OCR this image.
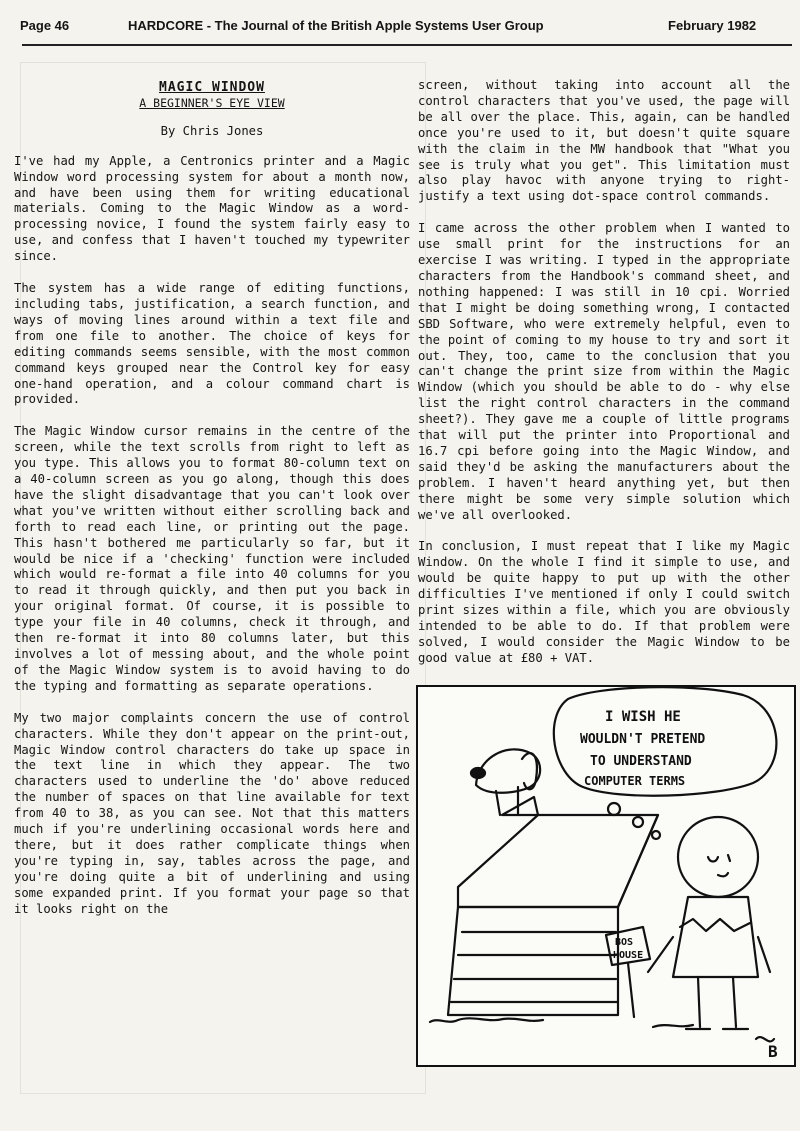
Page 46	HARDCORE - The Journal of the British Apple Systems User Group	February 1982

MAGIC WINDOW

A BEGINNER'S EYE VIEW

By Chris Jones

I've had my Apple, a Centronics printer and a Magic Window word processing system for about a month now, and have been using them for writing educational materials. Coming to the Magic Window as a word-processing novice, I found the system fairly easy to use, and confess that I haven't touched my typewriter since.

The system has a wide range of editing functions, including tabs, justification, a search function, and ways of moving lines around within a text file and from one file to another. The choice of keys for editing commands seems sensible, with the most common command keys grouped near the Control key for easy one-hand operation, and a colour command chart is provided.

The Magic Window cursor remains in the centre of the screen, while the text scrolls from right to left as you type. This allows you to format 80-column text on a 40-column screen as you go along, though this does have the slight disadvantage that you can't look over what you've written without either scrolling back and forth to read each line, or printing out the page. This hasn't bothered me particularly so far, but it would be nice if a 'checking' function were included which would re-format a file into 40 columns for you to read it through quickly, and then put you back in your original format. Of course, it is possible to type your file in 40 columns, check it through, and then re-format it into 80 columns later, but this involves a lot of messing about, and the whole point of the Magic Window system is to avoid having to do the typing and formatting as separate operations.

My two major complaints concern the use of control characters. While they don't appear on the print-out, Magic Window control characters do take up space in the text line in which they appear. The two characters used to underline the 'do' above reduced the number of spaces on that line available for text from 40 to 38, as you can see. Not that this matters much if you're underlining occasional words here and there, but it does rather complicate things when you're typing in, say, tables across the page, and you're doing quite a bit of underlining and using some expanded print. If you format your page so that it looks right on the

screen, without taking into account all the control characters that you've used, the page will be all over the place. This, again, can be handled once you're used to it, but doesn't quite square with the claim in the MW handbook that "What you see is truly what you get". This limitation must also play havoc with anyone trying to right-justify a text using dot-space control commands.

I came across the other problem when I wanted to use small print for the instructions for an exercise I was writing. I typed in the appropriate characters from the Handbook's command sheet, and nothing happened: I was still in 10 cpi. Worried that I might be doing something wrong, I contacted SBD Software, who were extremely helpful, even to the point of coming to my house to try and sort it out. They, too, came to the conclusion that you can't change the print size from within the Magic Window (which you should be able to do - why else list the right control characters in the command sheet?). They gave me a couple of little programs that will put the printer into Proportional and 16.7 cpi before going into the Magic Window, and said they'd be asking the manufacturers about the problem. I haven't heard anything yet, but then there might be some very simple solution which we've all overlooked.

In conclusion, I must repeat that I like my Magic Window. On the whole I find it simple to use, and would be quite happy to put up with the other difficulties I've mentioned if only I could switch print sizes within a file, which you are obviously intended to be able to do. If that problem were solved, I would consider the Magic Window to be good value at £80 + VAT.

I WISH HE
WOULDN'T PRETEND
TO UNDERSTAND
COMPUTER TERMS
BOS
HOUSE
B
